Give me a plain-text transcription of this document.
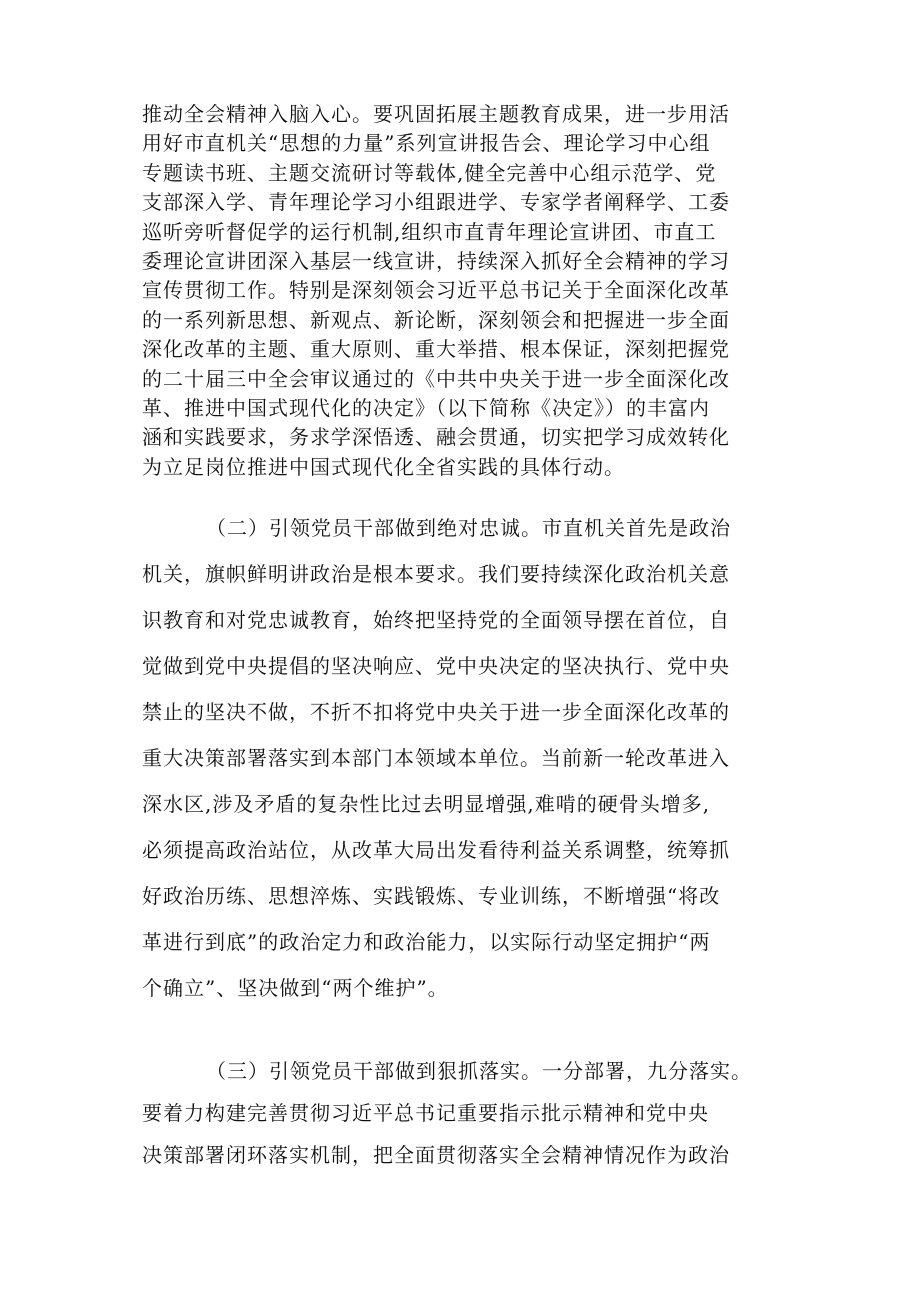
推动全会精神入脑入心。要巩固拓展主题教育成果，进一步用活
用好市直机关“思想的力量”系列宣讲报告会、理论学习中心组
专题读书班、主题交流研讨等载体,健全完善中心组示范学、党
支部深入学、青年理论学习小组跟进学、专家学者阐释学、工委
巡听旁听督促学的运行机制,组织市直青年理论宣讲团、市直工
委理论宣讲团深入基层一线宣讲，持续深入抓好全会精神的学习
宣传贯彻工作。特别是深刻领会习近平总书记关于全面深化改革
的一系列新思想、新观点、新论断，深刻领会和把握进一步全面
深化改革的主题、重大原则、重大举措、根本保证，深刻把握党
的二十届三中全会审议通过的《中共中央关于进一步全面深化改
革、推进中国式现代化的决定》（以下简称《决定》）的丰富内
涵和实践要求，务求学深悟透、融会贯通，切实把学习成效转化
为立足岗位推进中国式现代化全省实践的具体行动。
（二）引领党员干部做到绝对忠诚。市直机关首先是政治
机关，旗帜鲜明讲政治是根本要求。我们要持续深化政治机关意
识教育和对党忠诚教育，始终把坚持党的全面领导摆在首位，自
觉做到党中央提倡的坚决响应、党中央决定的坚决执行、党中央
禁止的坚决不做，不折不扣将党中央关于进一步全面深化改革的
重大决策部署落实到本部门本领域本单位。当前新一轮改革进入
深水区,涉及矛盾的复杂性比过去明显增强,难啃的硬骨头增多,
必须提高政治站位，从改革大局出发看待利益关系调整，统筹抓
好政治历练、思想淬炼、实践锻炼、专业训练，不断增强“将改
革进行到底”的政治定力和政治能力，以实际行动坚定拥护“两
个确立”、坚决做到“两个维护”。
（三）引领党员干部做到狠抓落实。一分部署，九分落实。
要着力构建完善贯彻习近平总书记重要指示批示精神和党中央
决策部署闭环落实机制，把全面贯彻落实全会精神情况作为政治
